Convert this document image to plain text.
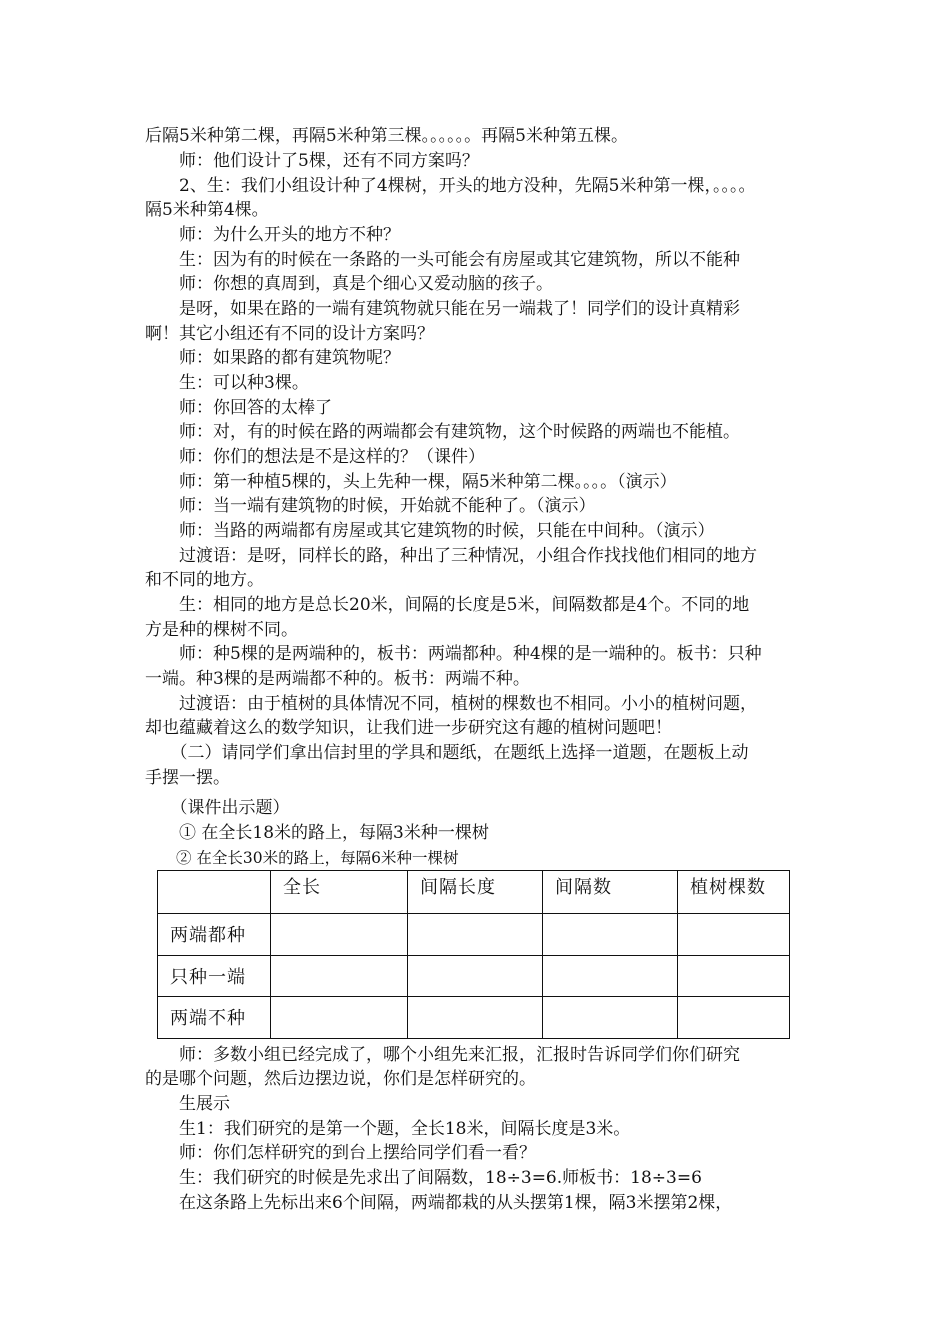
后隔5米种第二棵，再隔5米种第三棵。。。。。。再隔5米种第五棵。

　　师：他们设计了5棵，还有不同方案吗？

　　2、生：我们小组设计种了4棵树，开头的地方没种，先隔5米种第一棵，。。。。

隔5米种第4棵。

　　师：为什么开头的地方不种？

　　生：因为有的时候在一条路的一头可能会有房屋或其它建筑物，所以不能种

　　师：你想的真周到，真是个细心又爱动脑的孩子。

　　是呀，如果在路的一端有建筑物就只能在另一端栽了！同学们的设计真精彩

啊！其它小组还有不同的设计方案吗？

　　师：如果路的都有建筑物呢？

　　生：可以种3棵。

　　师：你回答的太棒了

　　师：对，有的时候在路的两端都会有建筑物，这个时候路的两端也不能植。

　　师：你们的想法是不是这样的？（课件）

　　师：第一种植5棵的，头上先种一棵，隔5米种第二棵。。。。（演示）

　　师：当一端有建筑物的时候，开始就不能种了。（演示）

　　师：当路的两端都有房屋或其它建筑物的时候，只能在中间种。（演示）

　　过渡语：是呀，同样长的路，种出了三种情况，小组合作找找他们相同的地方

和不同的地方。

　　生：相同的地方是总长20米，间隔的长度是5米，间隔数都是4个。不同的地

方是种的棵树不同。

　　师：种5棵的是两端种的，板书：两端都种。种4棵的是一端种的。板书：只种

一端。种3棵的是两端都不种的。板书：两端不种。

　　过渡语：由于植树的具体情况不同，植树的棵数也不相同。小小的植树问题，

却也蕴藏着这么的数学知识，让我们进一步研究这有趣的植树问题吧！

　　（二）请同学们拿出信封里的学具和题纸，在题纸上选择一道题，在题板上动

手摆一摆。

　　（课件出示题）

　　① 在全长18米的路上，每隔3米种一棵树

　　② 在全长30米的路上，每隔6米种一棵树

	全长	间隔长度	间隔数	植树棵数
两端都种				
只种一端				
两端不种				

　　师：多数小组已经完成了，哪个小组先来汇报，汇报时告诉同学们你们研究

的是哪个问题，然后边摆边说，你们是怎样研究的。

　　生展示

　　生1：我们研究的是第一个题，全长18米，间隔长度是3米。

　　师：你们怎样研究的到台上摆给同学们看一看？

　　生：我们研究的时候是先求出了间隔数，18÷3=6.师板书：18÷3=6

　　在这条路上先标出来6个间隔，两端都栽的从头摆第1棵，隔3米摆第2棵，
